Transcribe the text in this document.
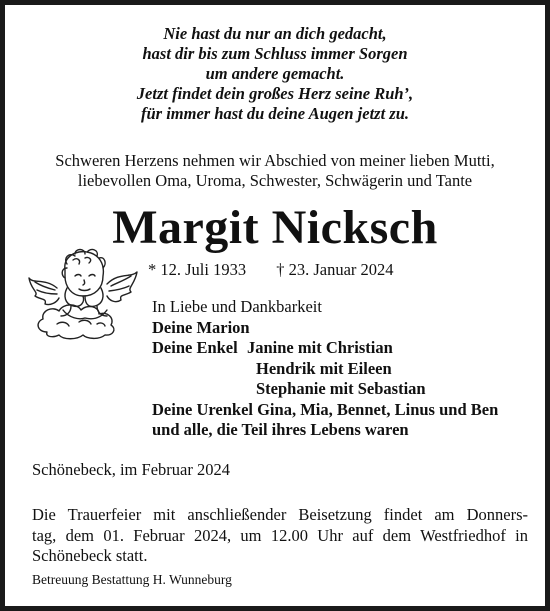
Nie hast du nur an dich gedacht,
hast dir bis zum Schluss immer Sorgen
um andere gemacht.
Jetzt findet dein großes Herz seine Ruh’,
für immer hast du deine Augen jetzt zu.
Schweren Herzens nehmen wir Abschied von meiner lieben Mutti,
liebevollen Oma, Uroma, Schwester, Schwägerin und Tante
Margit Nicksch
* 12. Juli 1933 † 23. Januar 2024
In Liebe und Dankbarkeit
Deine Marion
Deine Enkel Janine mit Christian
Hendrik mit Eileen
Stephanie mit Sebastian
Deine Urenkel Gina, Mia, Bennet, Linus und Ben
und alle, die Teil ihres Lebens waren
Schönebeck, im Februar 2024
Die Trauerfeier mit anschließender Beisetzung findet am Donners-
tag, dem 01. Februar 2024, um 12.00 Uhr auf dem Westfriedhof in
Schönebeck statt.
Betreuung Bestattung H. Wunneburg
